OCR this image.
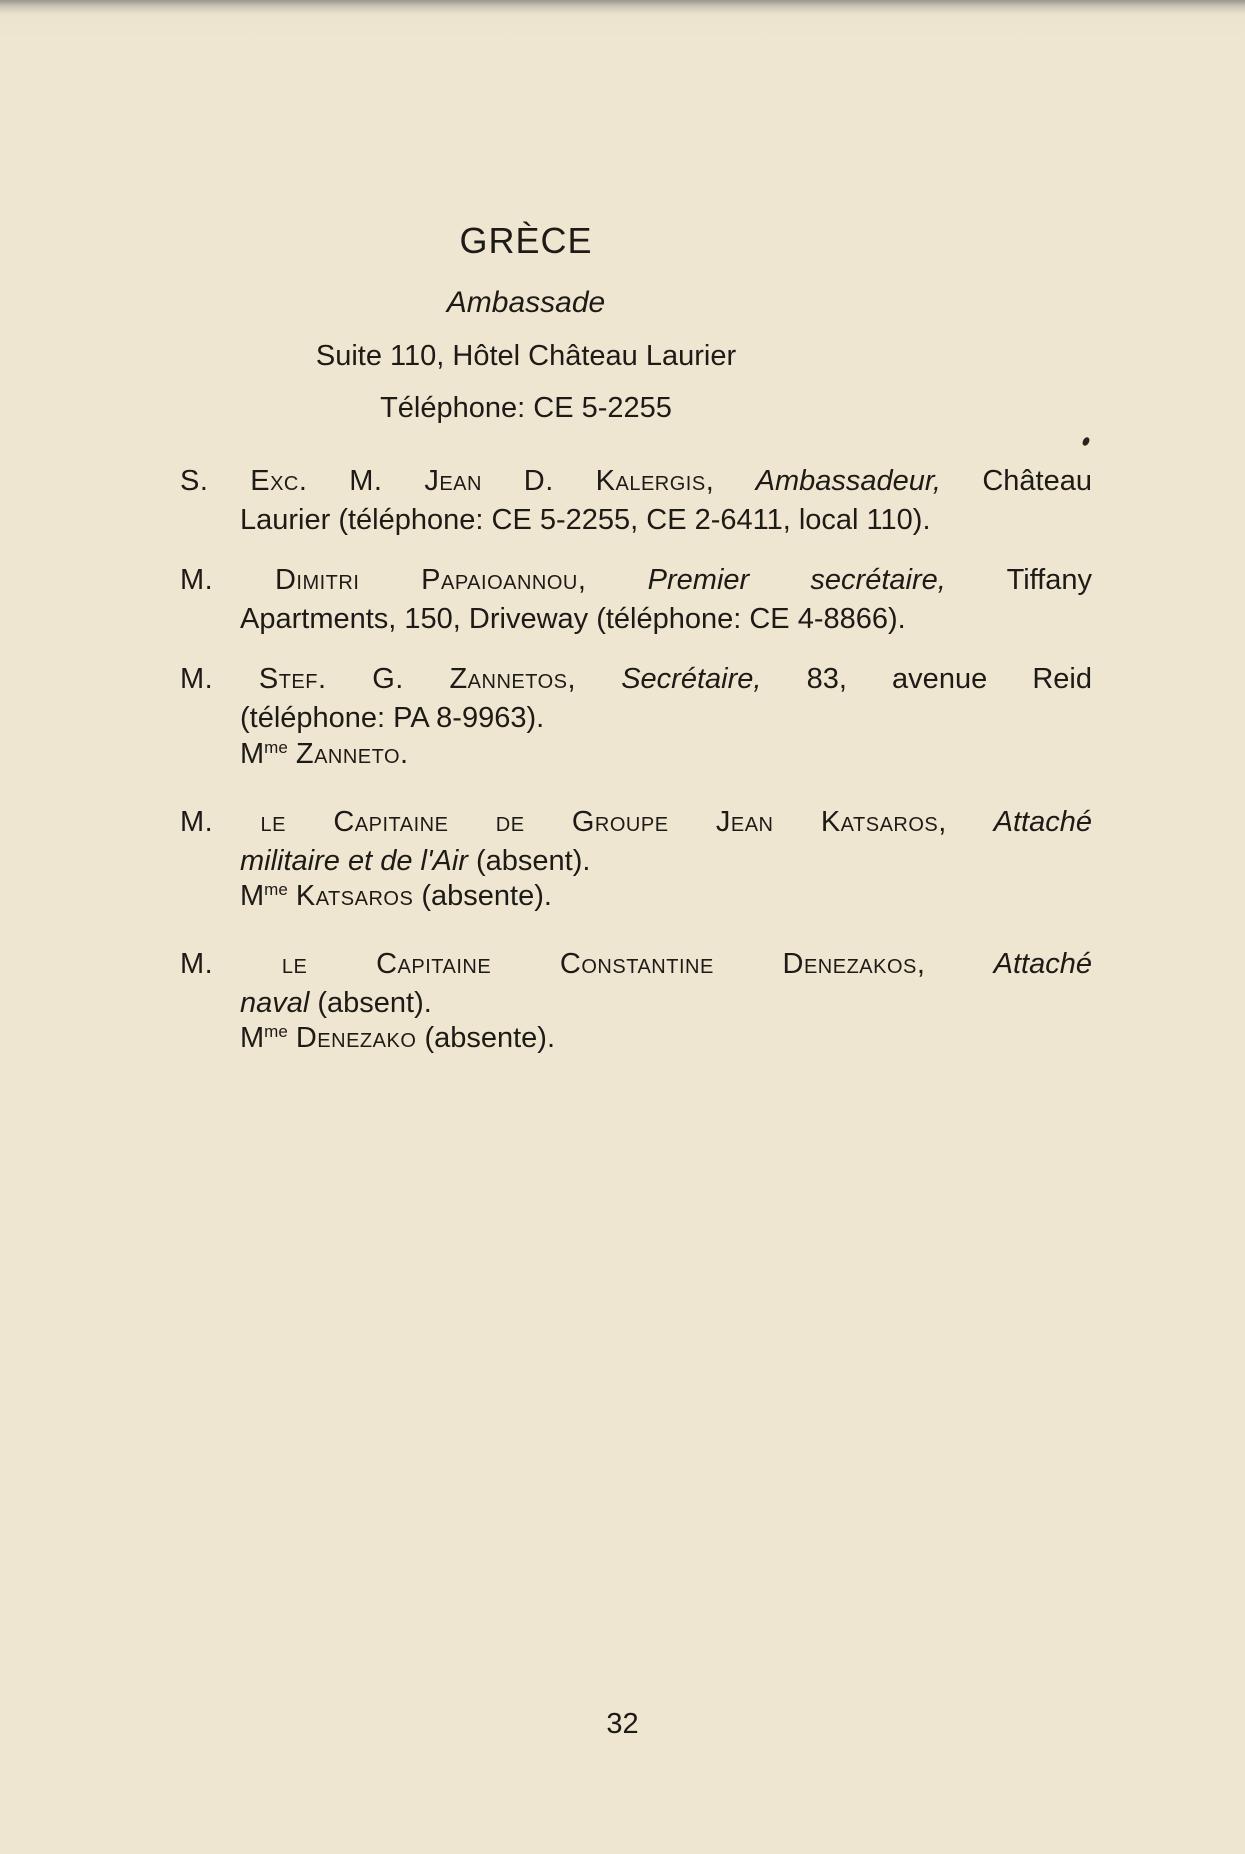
GRÈCE
Ambassade
Suite 110, Hôtel Château Laurier
Téléphone: CE 5-2255
S. Exc. M. Jean D. Kalergis, Ambassadeur, Château
Laurier (téléphone: CE 5-2255, CE 2-6411, local 110).
M. Dimitri Papaioannou, Premier secrétaire, Tiffany
Apartments, 150, Driveway (téléphone: CE 4-8866).
M. Stef. G. Zannetos, Secrétaire, 83, avenue Reid
(téléphone: PA 8-9963).
$M^{me}$ Zanneto.
M. le Capitaine de Groupe Jean Katsaros, Attaché
militaire et de l'Air (absent).
$M^{me}$ Katsaros (absente).
M. le Capitaine Constantine Denezakos, Attaché
naval (absent).
$M^{me}$ Denezako (absente).
32
